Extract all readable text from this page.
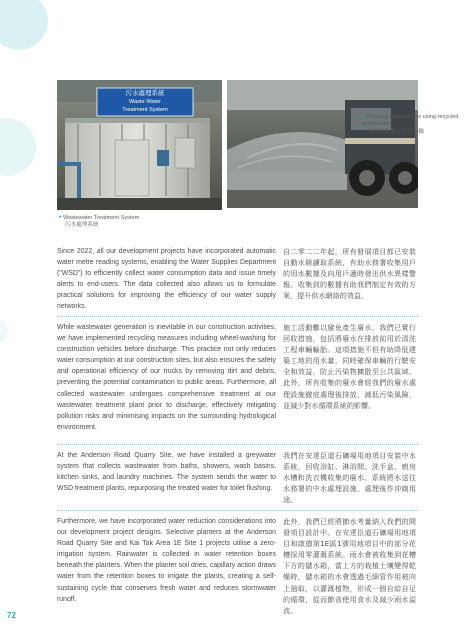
污水處理系統
Waste Water
Treatment System
• Wastewater Treatment System
污水處理系統
• Cleaning trunk wheels using recycled wastewater
使用再生廢水清洗車輪

Since 2022, all our development projects have incorporated automatic water metre reading systems, enabling the Water Supplies Department ("WSD") to efficiently collect water consumption data and issue timely alerts to end-users. The data collected also allows us to formulate practical solutions for improving the efficiency of our water supply networks.

自二零二二年起，所有發展項目都已安裝自動水錶讀取系統，有助水務署收集用戶的用水數據及向用戶適時發出供水異樣警報。收集到的數據有助我們制定有效的方案，提升供水網絡的效益。

While wastewater generation is inevitable in our construction activities, we have implemented recycling measures including wheel-washing for construction vehicles before discharge. This practice not only reduces water consumption at our construction sites, but also ensures the safety and operational efficiency of our trucks by removing dirt and debris, preventing the potential contamination to public areas. Furthermore, all collected wastewater undergoes comprehensive treatment at our wastewater treatment plant prior to discharge, effectively mitigating pollution risks and minimising impacts on the surrounding hydrological environment.

施工活動難以避免產生廢水，我們已實行回收措施，包括將廢水在排放前用於清洗工程車輛輪胎。這項措施不但有助降低建築工地的用水量，同時確保車輛的行駛安全和效益，防止污染物擴散至公共區域。此外，所有收集的廢水會經我們的廢水處理設施徹底處理後排放，減低污染風險，並減少對水循環系統的影響。

At the Anderson Road Quarry Site, we have installed a greywater system that collects wastewater from baths, showers, wash basins, kitchen sinks, and laundry machines. The system sends the water to WSD treatment plants, repurposing the treated water for toilet flushing.

我們在安達臣道石礦場用地項目安裝中水系統，回收浴缸、淋浴間、洗手盆、廚房水槽和洗衣機收集的廢水。系統將水送往水務署的中水處理設施，處理後作沖廁用途。

Furthermore, we have incorporated water reduction considerations into our development project designs. Selective planters at the Anderson Road Quarry Site and Kai Tak Area 1E Site 1 projects utilise a zero-irrigation system. Rainwater is collected in water retention boxes beneath the planters. When the planter soil dries, capillary action draws water from the retention boxes to irrigate the plants, creating a self-sustaining cycle that conserves fresh water and reduces stormwater runoff.

此外，我們已經將節水考量納入我們的開發項目設計中。在安達臣道石礦場用地項目和啟德第1E區1號用地項目中的部分花槽採用零灌溉系統。雨水會被收集到花槽下方的儲水箱，當上方的栽植土壤變得乾燥時，儲水箱的水會透過毛細管作用被向上抽取，以灌溉植物，形成一個自給自足的循環，從而節省使用食水及減少雨水溢流。

72
